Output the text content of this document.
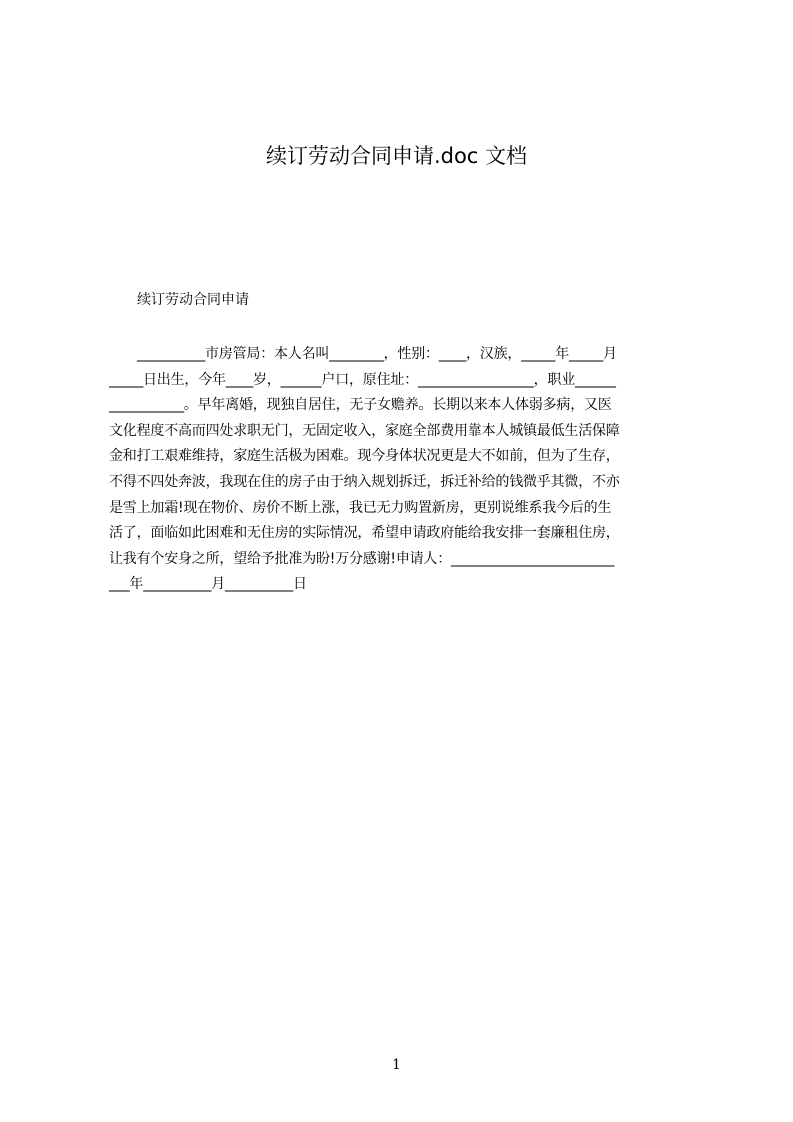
续订劳动合同申请.doc 文档

续订劳动合同申请

__________市房管局：本人名叫________，性别：____，汉族，_____年_____月
_____日出生，今年____岁，______户口，原住址：_________________，职业______
___________。早年离婚，现独自居住，无子女赡养。长期以来本人体弱多病，又医
文化程度不高而四处求职无门，无固定收入，家庭全部费用靠本人城镇最低生活保障
金和打工艰难维持，家庭生活极为困难。现今身体状况更是大不如前，但为了生存，
不得不四处奔波，我现在住的房子由于纳入规划拆迁，拆迁补给的钱微乎其微，不亦
是雪上加霜!现在物价、房价不断上涨，我已无力购置新房，更别说维系我今后的生
活了，面临如此困难和无住房的实际情况，希望申请政府能给我安排一套廉租住房，
让我有个安身之所，望给予批准为盼!万分感谢!申请人：________________________
___年__________月__________日
1
